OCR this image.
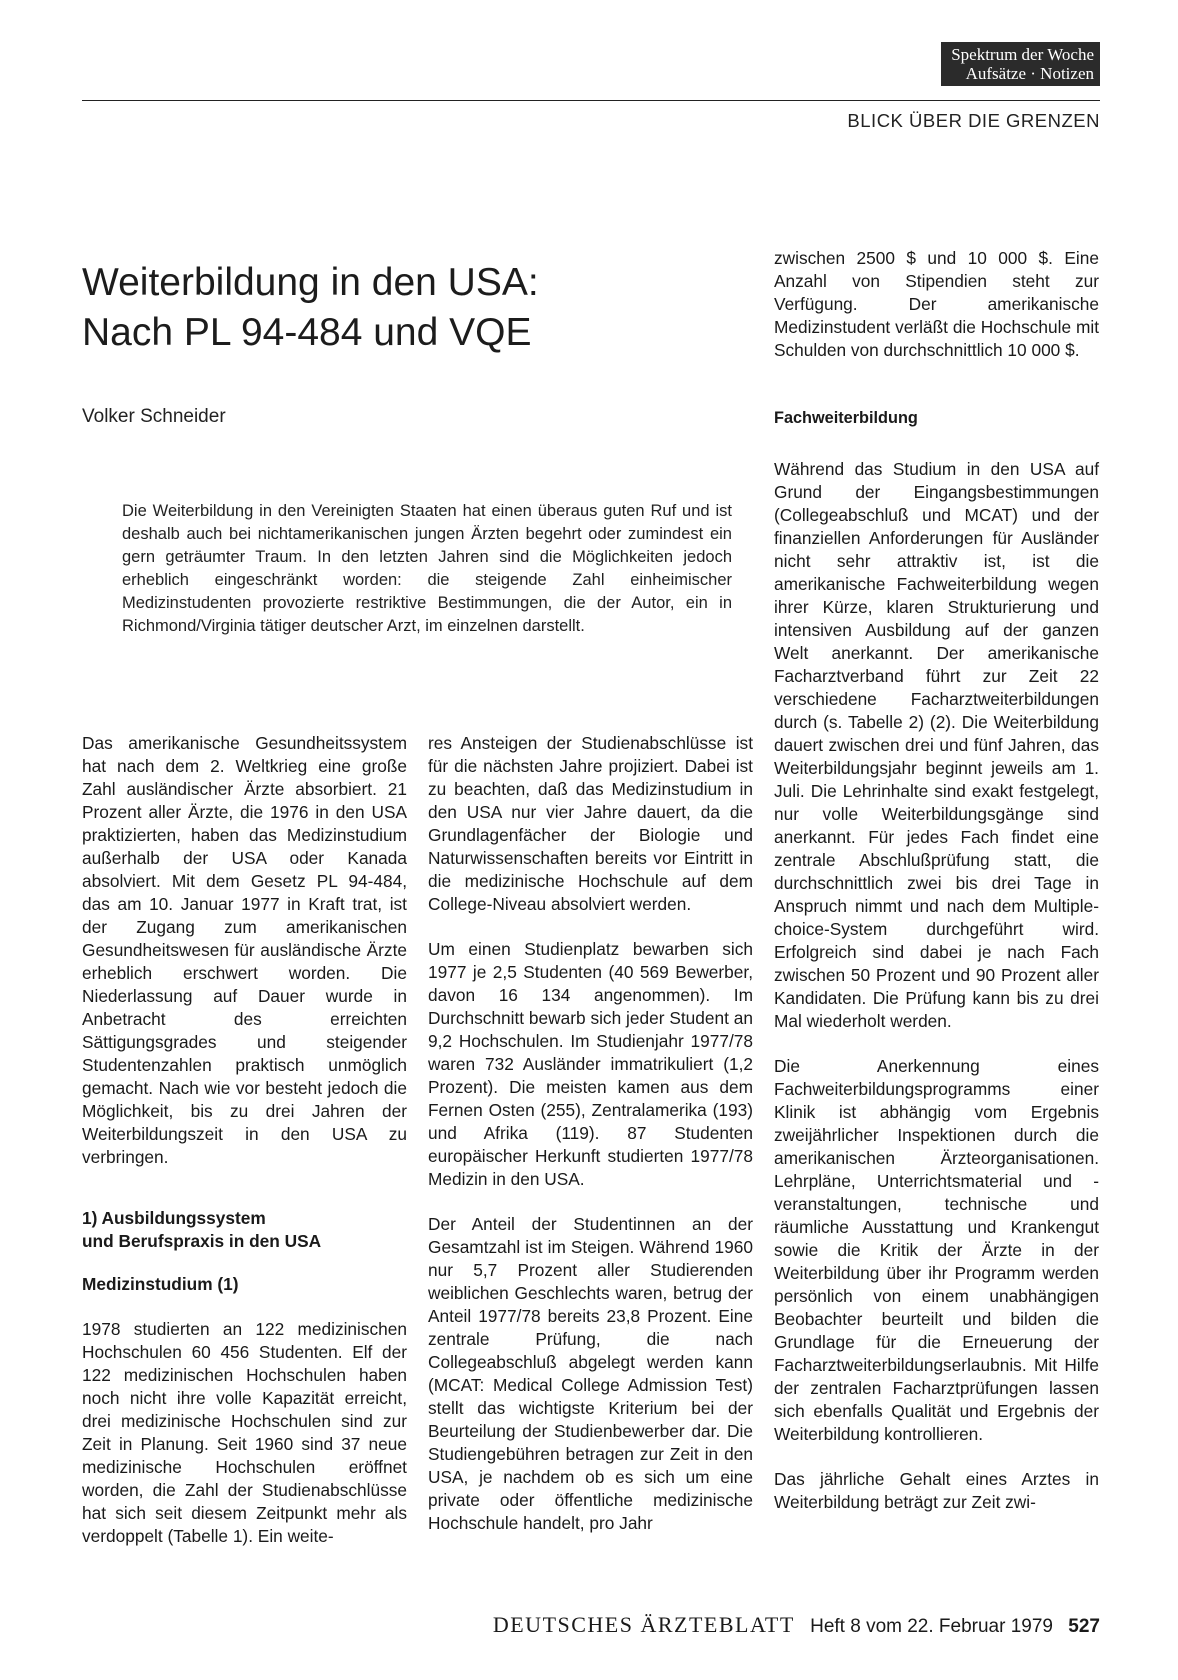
Spektrum der Woche
Aufsätze · Notizen
BLICK ÜBER DIE GRENZEN
Weiterbildung in den USA:
Nach PL 94-484 und VQE
Volker Schneider

Die Weiterbildung in den Vereinigten Staaten hat einen überaus guten Ruf und ist deshalb auch bei nichtamerikanischen jungen Ärzten begehrt oder zumindest ein gern geträumter Traum. In den letzten Jahren sind die Möglichkeiten jedoch erheblich eingeschränkt worden: die steigende Zahl einheimischer Medizinstudenten provozierte restriktive Bestimmungen, die der Autor, ein in Richmond/Virginia tätiger deutscher Arzt, im einzelnen darstellt.

Das amerikanische Gesundheitssystem hat nach dem 2. Weltkrieg eine große Zahl ausländischer Ärzte absorbiert. 21 Prozent aller Ärzte, die 1976 in den USA praktizierten, haben das Medizinstudium außerhalb der USA oder Kanada absolviert. Mit dem Gesetz PL 94-484, das am 10. Januar 1977 in Kraft trat, ist der Zugang zum amerikanischen Gesundheitswesen für ausländische Ärzte erheblich erschwert worden. Die Niederlassung auf Dauer wurde in Anbetracht des erreichten Sättigungsgrades und steigender Studentenzahlen praktisch unmöglich gemacht. Nach wie vor besteht jedoch die Möglichkeit, bis zu drei Jahren der Weiterbildungszeit in den USA zu verbringen.

1) Ausbildungssystem
und Berufspraxis in den USA
Medizinstudium (1)

1978 studierten an 122 medizinischen Hochschulen 60 456 Studenten. Elf der 122 medizinischen Hochschulen haben noch nicht ihre volle Kapazität erreicht, drei medizinische Hochschulen sind zur Zeit in Planung. Seit 1960 sind 37 neue medizinische Hochschulen eröffnet worden, die Zahl der Studienabschlüsse hat sich seit diesem Zeitpunkt mehr als verdoppelt (Tabelle 1). Ein weite-

res Ansteigen der Studienabschlüsse ist für die nächsten Jahre projiziert. Dabei ist zu beachten, daß das Medizinstudium in den USA nur vier Jahre dauert, da die Grundlagenfächer der Biologie und Naturwissenschaften bereits vor Eintritt in die medizinische Hochschule auf dem College-Niveau absolviert werden.

Um einen Studienplatz bewarben sich 1977 je 2,5 Studenten (40 569 Bewerber, davon 16 134 angenommen). Im Durchschnitt bewarb sich jeder Student an 9,2 Hochschulen. Im Studienjahr 1977/78 waren 732 Ausländer immatrikuliert (1,2 Prozent). Die meisten kamen aus dem Fernen Osten (255), Zentralamerika (193) und Afrika (119). 87 Studenten europäischer Herkunft studierten 1977/78 Medizin in den USA.

Der Anteil der Studentinnen an der Gesamtzahl ist im Steigen. Während 1960 nur 5,7 Prozent aller Studierenden weiblichen Geschlechts waren, betrug der Anteil 1977/78 bereits 23,8 Prozent. Eine zentrale Prüfung, die nach Collegeabschluß abgelegt werden kann (MCAT: Medical College Admission Test) stellt das wichtigste Kriterium bei der Beurteilung der Studienbewerber dar. Die Studiengebühren betragen zur Zeit in den USA, je nachdem ob es sich um eine private oder öffentliche medizinische Hochschule handelt, pro Jahr

zwischen 2500 $ und 10 000 $. Eine Anzahl von Stipendien steht zur Verfügung. Der amerikanische Medizinstudent verläßt die Hochschule mit Schulden von durchschnittlich 10 000 $.

Fachweiterbildung

Während das Studium in den USA auf Grund der Eingangsbestimmungen (Collegeabschluß und MCAT) und der finanziellen Anforderungen für Ausländer nicht sehr attraktiv ist, ist die amerikanische Fachweiterbildung wegen ihrer Kürze, klaren Strukturierung und intensiven Ausbildung auf der ganzen Welt anerkannt. Der amerikanische Facharztverband führt zur Zeit 22 verschiedene Facharztweiterbildungen durch (s. Tabelle 2) (2). Die Weiterbildung dauert zwischen drei und fünf Jahren, das Weiterbildungsjahr beginnt jeweils am 1. Juli. Die Lehrinhalte sind exakt festgelegt, nur volle Weiterbildungsgänge sind anerkannt. Für jedes Fach findet eine zentrale Abschlußprüfung statt, die durchschnittlich zwei bis drei Tage in Anspruch nimmt und nach dem Multiple-choice-System durchgeführt wird. Erfolgreich sind dabei je nach Fach zwischen 50 Prozent und 90 Prozent aller Kandidaten. Die Prüfung kann bis zu drei Mal wiederholt werden.

Die Anerkennung eines Fachweiterbildungsprogramms einer Klinik ist abhängig vom Ergebnis zweijährlicher Inspektionen durch die amerikanischen Ärzteorganisationen. Lehrpläne, Unterrichtsmaterial und -veranstaltungen, technische und räumliche Ausstattung und Krankengut sowie die Kritik der Ärzte in der Weiterbildung über ihr Programm werden persönlich von einem unabhängigen Beobachter beurteilt und bilden die Grundlage für die Erneuerung der Facharztweiterbildungserlaubnis. Mit Hilfe der zentralen Facharztprüfungen lassen sich ebenfalls Qualität und Ergebnis der Weiterbildung kontrollieren.

Das jährliche Gehalt eines Arztes in Weiterbildung beträgt zur Zeit zwi-

DEUTSCHES ÄRZTEBLATT Heft 8 vom 22. Februar 1979 527
